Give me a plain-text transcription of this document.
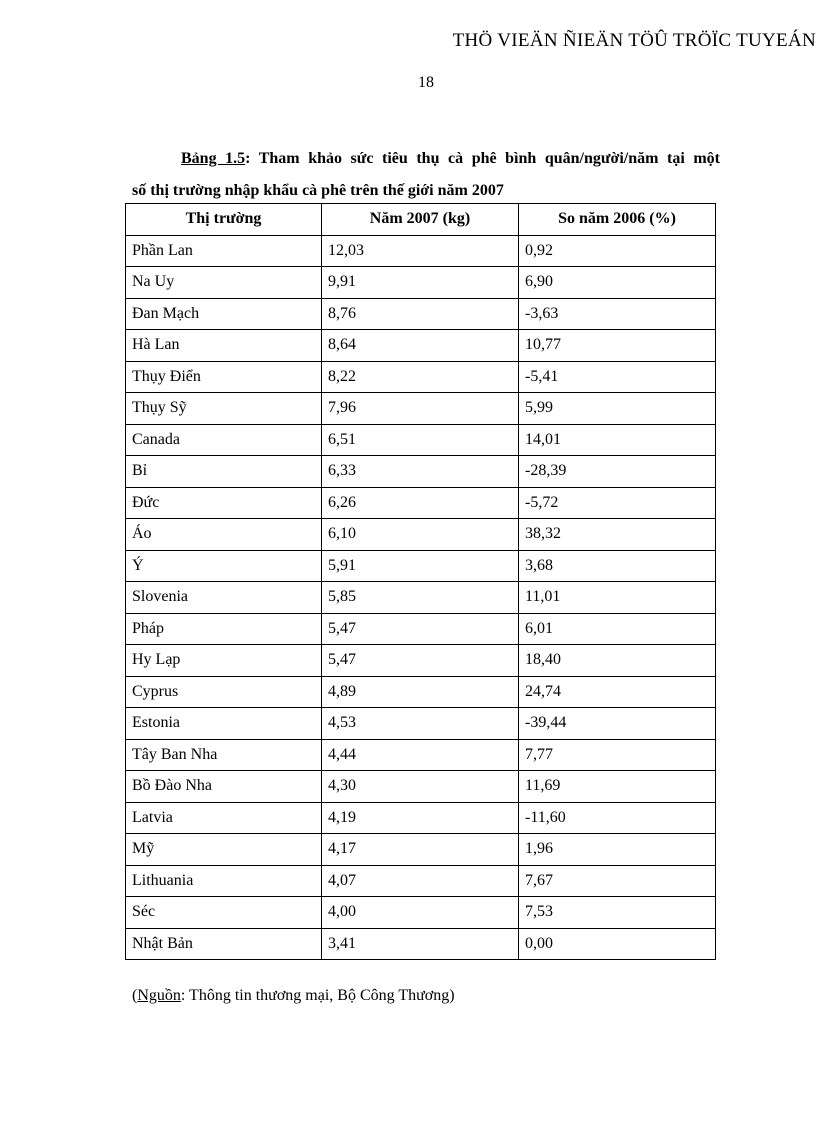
THÖ VIEÄN ÑIEÄN TÖÛ TRÖÏC TUYEÁN
18
Bảng 1.5: Tham khảo sức tiêu thụ cà phê bình quân/người/năm tại một
số thị trường nhập khẩu cà phê trên thế giới năm 2007
Thị trường	Năm 2007 (kg)	So năm 2006 (%)
Phần Lan	12,03	0,92
Na Uy	9,91	6,90
Đan Mạch	8,76	-3,63
Hà Lan	8,64	10,77
Thụy Điển	8,22	-5,41
Thụy Sỹ	7,96	5,99
Canada	6,51	14,01
Bỉ	6,33	-28,39
Đức	6,26	-5,72
Áo	6,10	38,32
Ý	5,91	3,68
Slovenia	5,85	11,01
Pháp	5,47	6,01
Hy Lạp	5,47	18,40
Cyprus	4,89	24,74
Estonia	4,53	-39,44
Tây Ban Nha	4,44	7,77
Bồ Đào Nha	4,30	11,69
Latvia	4,19	-11,60
Mỹ	4,17	1,96
Lithuania	4,07	7,67
Séc	4,00	7,53
Nhật Bản	3,41	0,00
(Nguồn: Thông tin thương mại, Bộ Công Thương)
